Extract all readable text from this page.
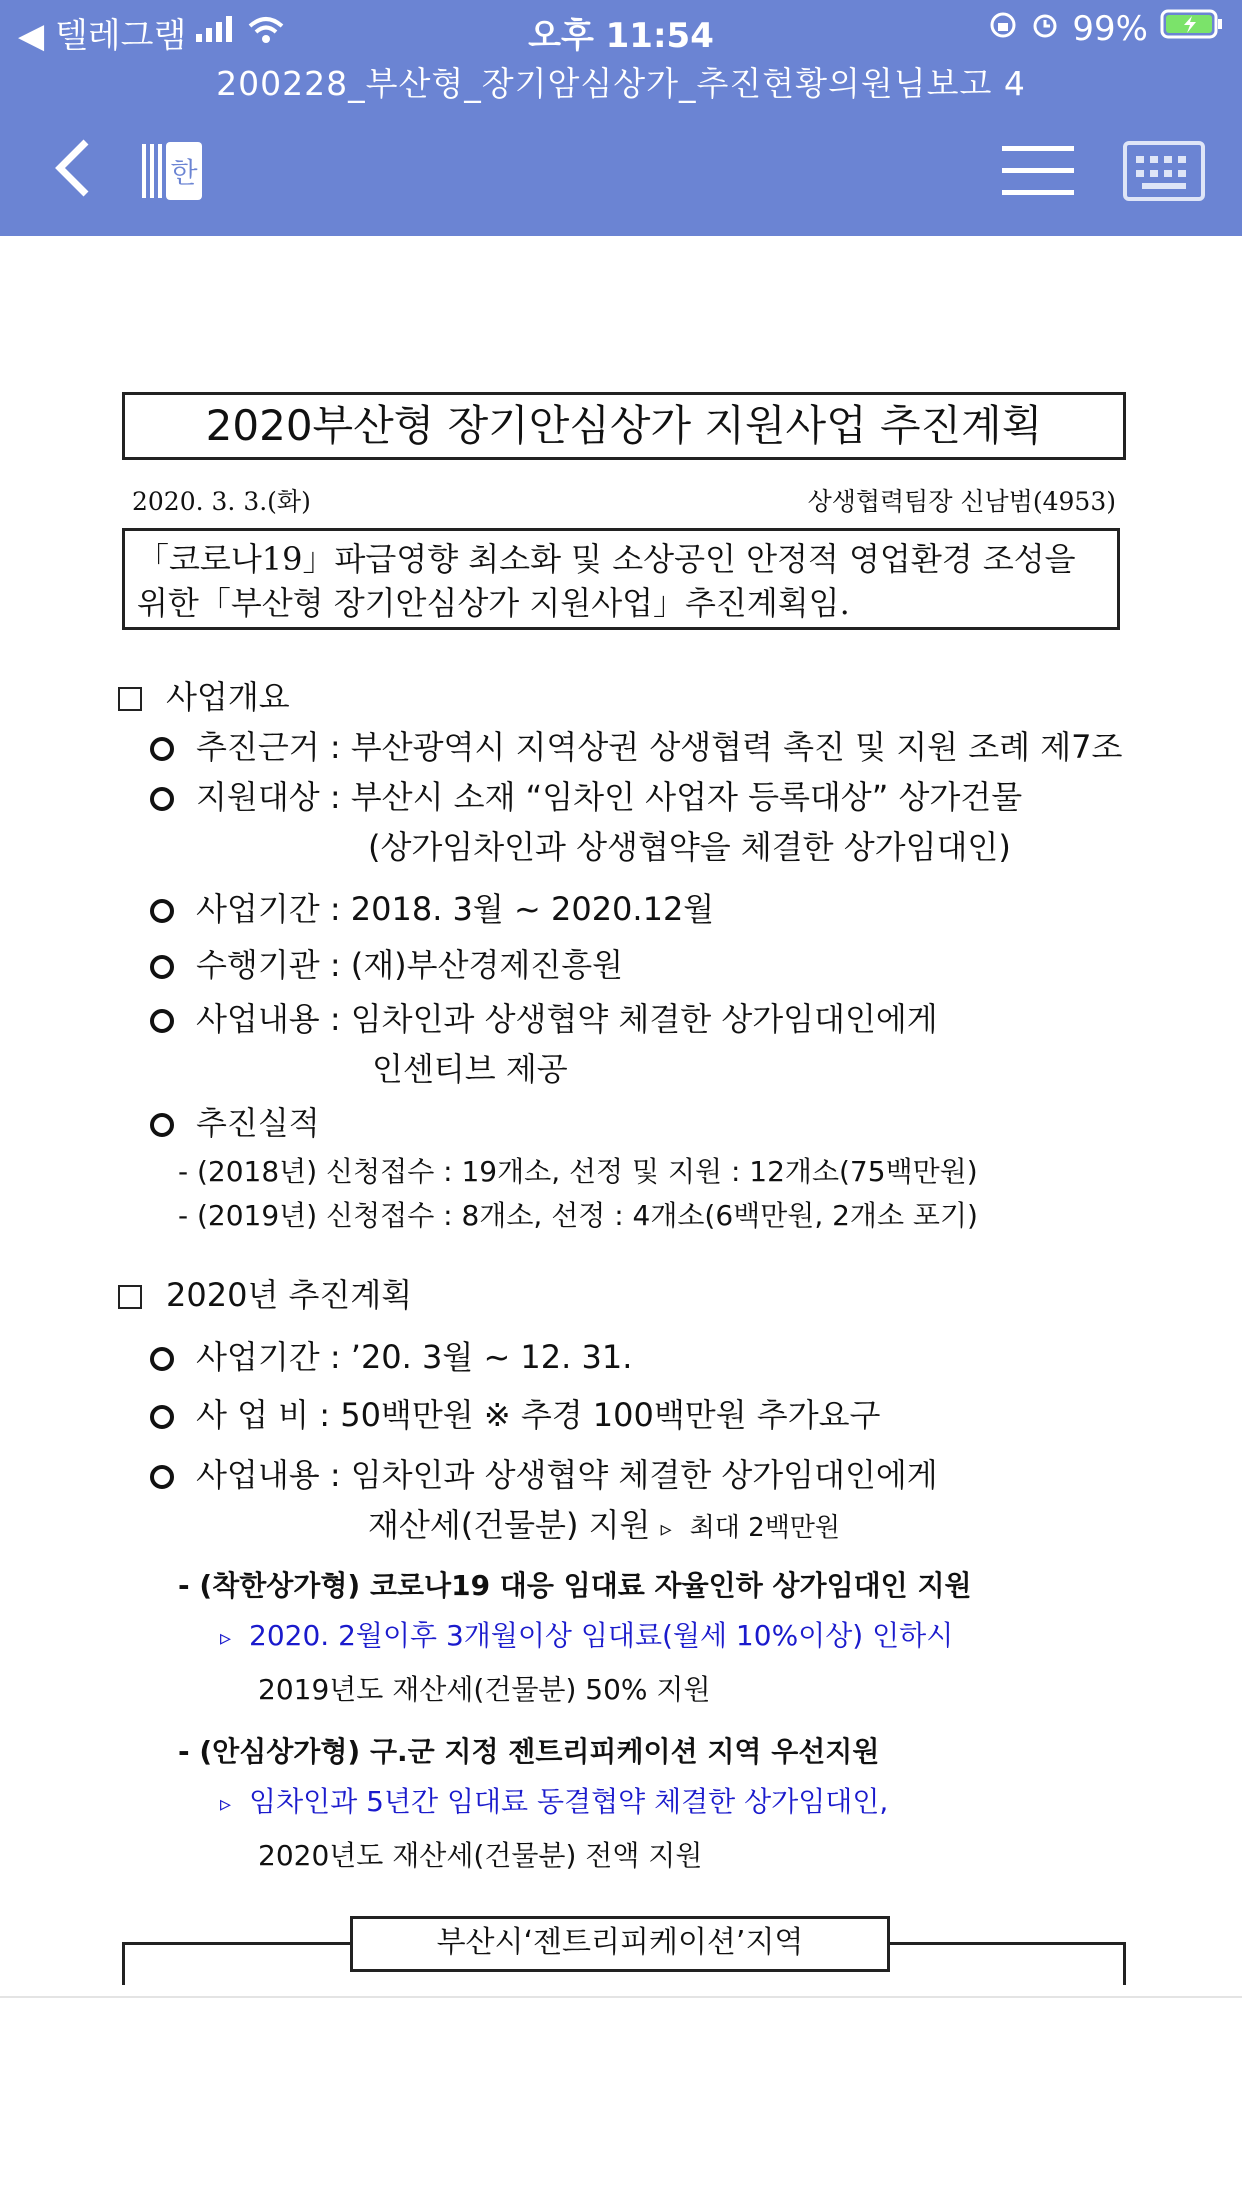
◀ 텔레그램	오후 11:54	99%
200228_부산형_장기암심상가_추진현황의원님보고 4
한
2020부산형 장기안심상가 지원사업 추진계획
2020. 3. 3.(화)	상생협력팀장 신남범(4953)
「코로나19」파급영향 최소화 및 소상공인 안정적 영업환경 조성을
위한「부산형 장기안심상가 지원사업」추진계획임.
사업개요
추진근거 : 부산광역시 지역상권 상생협력 촉진 및 지원 조례 제7조
지원대상 : 부산시 소재 “임차인 사업자 등록대상” 상가건물
(상가임차인과 상생협약을 체결한 상가임대인)
사업기간 : 2018. 3월 ~ 2020.12월
수행기관 : (재)부산경제진흥원
사업내용 : 임차인과 상생협약 체결한 상가임대인에게
인센티브 제공
추진실적
- (2018년) 신청접수 : 19개소, 선정 및 지원 : 12개소(75백만원)
- (2019년) 신청접수 : 8개소, 선정 : 4개소(6백만원, 2개소 포기)
2020년 추진계획
사업기간 : ’20. 3월 ~ 12. 31.
사 업 비 : 50백만원 ※ 추경 100백만원 추가요구
사업내용 : 임차인과 상생협약 체결한 상가임대인에게
재산세(건물분) 지원 ▹ 최대 2백만원
- (착한상가형) 코로나19 대응 임대료 자율인하 상가임대인 지원
▹ 2020. 2월이후 3개월이상 임대료(월세 10%이상) 인하시
2019년도 재산세(건물분) 50% 지원
- (안심상가형) 구.군 지정 젠트리피케이션 지역 우선지원
▹ 임차인과 5년간 임대료 동결협약 체결한 상가임대인,
2020년도 재산세(건물분) 전액 지원
부산시‘젠트리피케이션’지역
